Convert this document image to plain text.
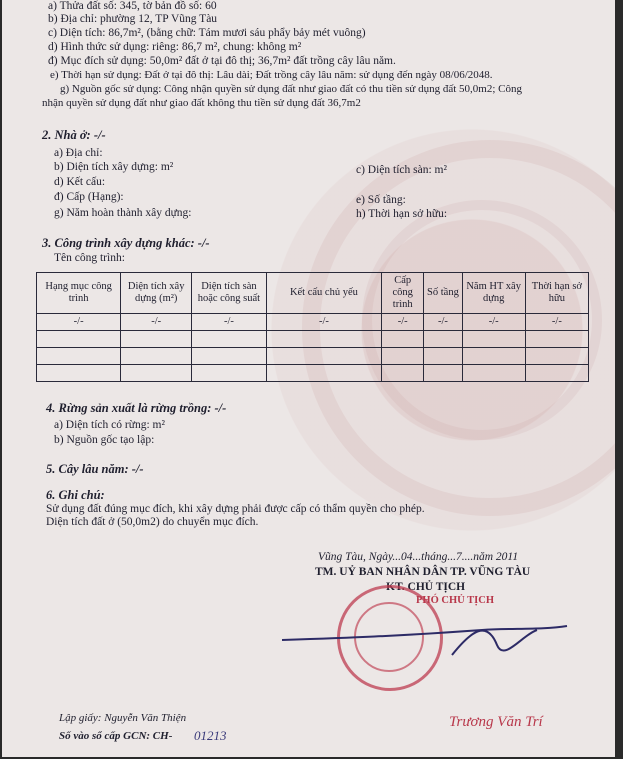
a) Thửa đất số: 345, tờ bản đồ số: 60
b) Địa chỉ: phường 12, TP Vũng Tàu
c) Diện tích: 86,7m², (bằng chữ: Tám mươi sáu phẩy bảy mét vuông)
d) Hình thức sử dụng: riêng: 86,7 m², chung: không m²
đ) Mục đích sử dụng: 50,0m² đất ở tại đô thị; 36,7m² đất trồng cây lâu năm.
e) Thời hạn sử dụng: Đất ở tại đô thị: Lâu dài; Đất trồng cây lâu năm: sử dụng đến ngày 08/06/2048.
g) Nguồn gốc sử dụng: Công nhận quyền sử dụng đất như giao đất có thu tiền sử dụng đất 50,0m2; Công
nhận quyền sử dụng đất như giao đất không thu tiền sử dụng đất 36,7m2
2. Nhà ở: -/-
a) Địa chỉ:
b) Diện tích xây dựng: m²	c) Diện tích sàn: m²
d) Kết cấu:
đ) Cấp (Hạng):	e) Số tầng:
g) Năm hoàn thành xây dựng:	h) Thời hạn sở hữu:
3. Công trình xây dựng khác: -/-
Tên công trình:
Hạng mục công trình	Diện tích xây dựng (m²)	Diện tích sàn hoặc công suất	Kết cấu chủ yếu	Cấp công trình	Số tầng	Năm HT xây dựng	Thời hạn sở hữu
-/-	-/-	-/-	-/-	-/-	-/-	-/-	-/-

4. Rừng sản xuất là rừng trồng: -/-
a) Diện tích có rừng: m²
b) Nguồn gốc tạo lập:
5. Cây lâu năm: -/-
6. Ghi chú:
Sử dụng đất đúng mục đích, khi xây dựng phải được cấp có thẩm quyền cho phép.
Diện tích đất ở (50,0m2) do chuyển mục đích.
Vũng Tàu, Ngày...04...tháng...7....năm 2011
TM. UỶ BAN NHÂN DÂN TP. VŨNG TÀU
KT. CHỦ TỊCH
PHÓ CHỦ TỊCH
Trương Văn Trí
Lập giấy: Nguyễn Văn Thiện
Số vào sổ cấp GCN: CH- 01213
